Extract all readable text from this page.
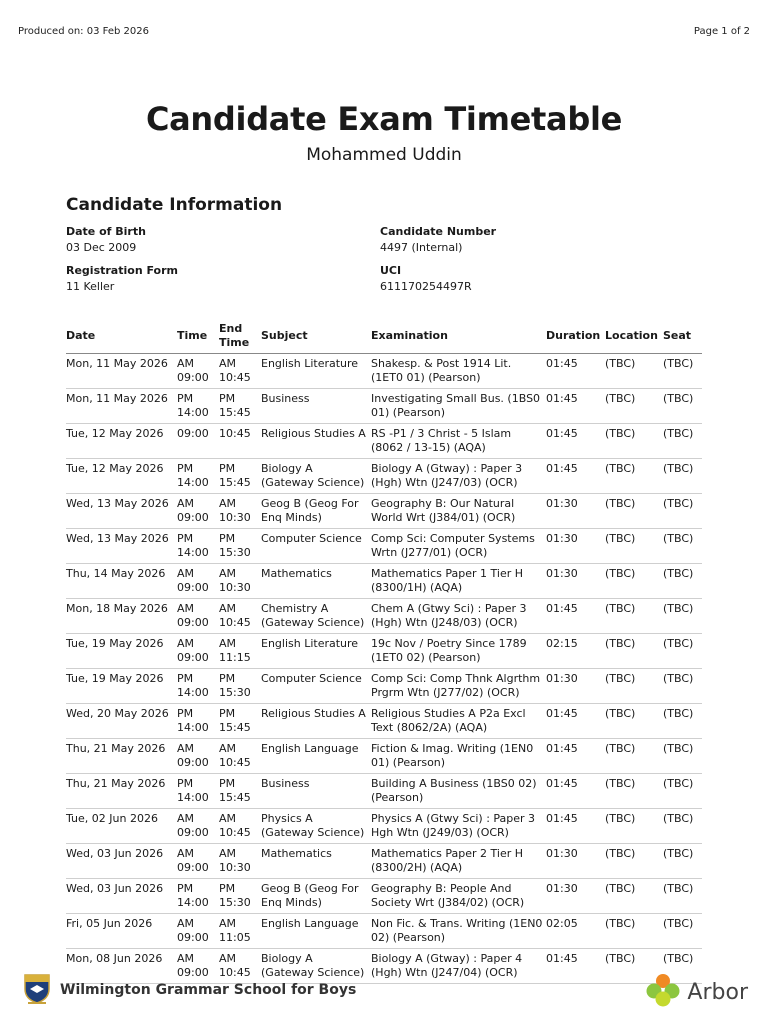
Produced on: 03 Feb 2026	Page 1 of 2
Candidate Exam Timetable
Mohammed Uddin
Candidate Information
Date of Birth
03 Dec 2009
Candidate Number
4497 (Internal)
Registration Form
11 Keller
UCI
611170254497R
Date	Time	End Time	Subject	Examination	Duration	Location	Seat
Mon, 11 May 2026	AM 09:00	AM 10:45	English Literature	Shakesp. & Post 1914 Lit. (1ET0 01) (Pearson)	01:45	(TBC)	(TBC)
Mon, 11 May 2026	PM 14:00	PM 15:45	Business	Investigating Small Bus. (1BS0 01) (Pearson)	01:45	(TBC)	(TBC)
Tue, 12 May 2026	09:00	10:45	Religious Studies A	RS -P1 / 3 Christ - 5 Islam (8062 / 13-15) (AQA)	01:45	(TBC)	(TBC)
Tue, 12 May 2026	PM 14:00	PM 15:45	Biology A (Gateway Science)	Biology A (Gtway) : Paper 3 (Hgh) Wtn (J247/03) (OCR)	01:45	(TBC)	(TBC)
Wed, 13 May 2026	AM 09:00	AM 10:30	Geog B (Geog For Enq Minds)	Geography B: Our Natural World Wrt (J384/01) (OCR)	01:30	(TBC)	(TBC)
Wed, 13 May 2026	PM 14:00	PM 15:30	Computer Science	Comp Sci: Computer Systems Wrtn (J277/01) (OCR)	01:30	(TBC)	(TBC)
Thu, 14 May 2026	AM 09:00	AM 10:30	Mathematics	Mathematics Paper 1 Tier H (8300/1H) (AQA)	01:30	(TBC)	(TBC)
Mon, 18 May 2026	AM 09:00	AM 10:45	Chemistry A (Gateway Science)	Chem A (Gtwy Sci) : Paper 3 (Hgh) Wtn (J248/03) (OCR)	01:45	(TBC)	(TBC)
Tue, 19 May 2026	AM 09:00	AM 11:15	English Literature	19c Nov / Poetry Since 1789 (1ET0 02) (Pearson)	02:15	(TBC)	(TBC)
Tue, 19 May 2026	PM 14:00	PM 15:30	Computer Science	Comp Sci: Comp Thnk Algrthm Prgrm Wtn (J277/02) (OCR)	01:30	(TBC)	(TBC)
Wed, 20 May 2026	PM 14:00	PM 15:45	Religious Studies A	Religious Studies A P2a Excl Text (8062/2A) (AQA)	01:45	(TBC)	(TBC)
Thu, 21 May 2026	AM 09:00	AM 10:45	English Language	Fiction & Imag. Writing (1EN0 01) (Pearson)	01:45	(TBC)	(TBC)
Thu, 21 May 2026	PM 14:00	PM 15:45	Business	Building A Business (1BS0 02) (Pearson)	01:45	(TBC)	(TBC)
Tue, 02 Jun 2026	AM 09:00	AM 10:45	Physics A (Gateway Science)	Physics A (Gtwy Sci) : Paper 3 Hgh Wtn (J249/03) (OCR)	01:45	(TBC)	(TBC)
Wed, 03 Jun 2026	AM 09:00	AM 10:30	Mathematics	Mathematics Paper 2 Tier H (8300/2H) (AQA)	01:30	(TBC)	(TBC)
Wed, 03 Jun 2026	PM 14:00	PM 15:30	Geog B (Geog For Enq Minds)	Geography B: People And Society Wrt (J384/02) (OCR)	01:30	(TBC)	(TBC)
Fri, 05 Jun 2026	AM 09:00	AM 11:05	English Language	Non Fic. & Trans. Writing (1EN0 02) (Pearson)	02:05	(TBC)	(TBC)
Mon, 08 Jun 2026	AM 09:00	AM 10:45	Biology A (Gateway Science)	Biology A (Gtway) : Paper 4 (Hgh) Wtn (J247/04) (OCR)	01:45	(TBC)	(TBC)
Wilmington Grammar School for Boys	Arbor
